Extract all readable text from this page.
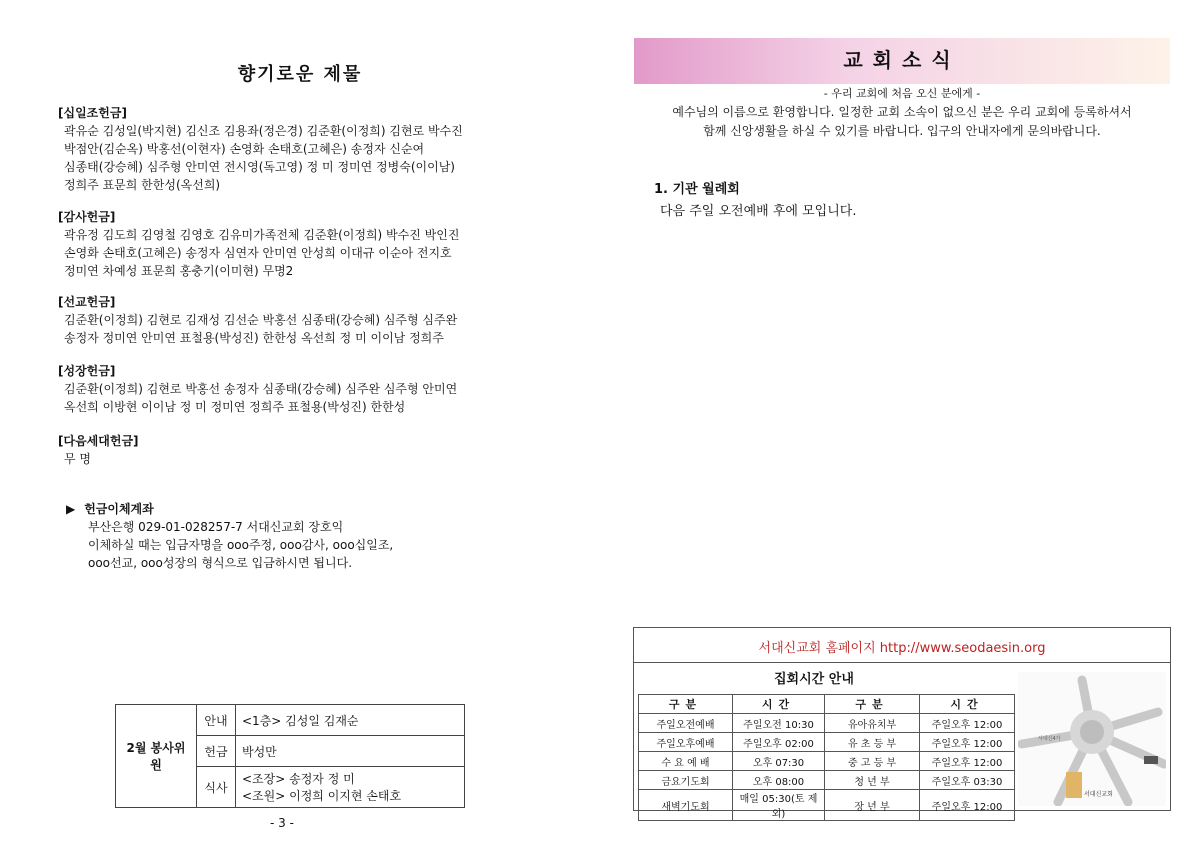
향기로운 제물
[십일조헌금]
곽유순 김성일(박지현) 김신조 김용좌(정은경) 김준환(이정희) 김현로 박수진
박점안(김순옥) 박홍선(이현자) 손영화 손태호(고혜은) 송정자 신순여
심종태(강승혜) 심주형 안미연 전시영(독고영) 정 미 정미연 정병숙(이이남)
정희주 표문희 한한성(옥선희)
[감사헌금]
곽유정 김도희 김영철 김영호 김유미가족전체 김준환(이정희) 박수진 박인진
손영화 손태호(고혜은) 송정자 심연자 안미연 안성희 이대규 이순아 전지호
정미연 차예성 표문희 홍충기(이미현) 무명2
[선교헌금]
김준환(이정희) 김현로 김재성 김선순 박홍선 심종태(강승혜) 심주형 심주완
송정자 정미연 안미연 표철용(박성진) 한한성 옥선희 정 미 이이남 정희주
[성장헌금]
김준환(이정희) 김현로 박홍선 송정자 심종태(강승혜) 심주완 심주형 안미연
옥선희 이방현 이이남 정 미 정미연 정희주 표철용(박성진) 한한성
[다음세대헌금]
무 명
▶ 헌금이체계좌
부산은행 029-01-028257-7 서대신교회 장호익
이체하실 때는 입금자명을 ooo주정, ooo감사, ooo십일조,
ooo선교, ooo성장의 형식으로 입금하시면 됩니다.
2월 봉사위원	안내	<1층> 김성일 김재순
	헌금	박성만
	식사	<조장> 송정자 정 미
<조원> 이정희 이지현 손태호
- 3 -
교회소식
- 우리 교회에 처음 오신 분에게 -
예수님의 이름으로 환영합니다. 일정한 교회 소속이 없으신 분은 우리 교회에 등록하셔서
함께 신앙생활을 하실 수 있기를 바랍니다. 입구의 안내자에게 문의바랍니다.
1. 기관 월례회
다음 주일 오전예배 후에 모입니다.
서대신교회 홈페이지 http://www.seodaesin.org
집회시간 안내
구분	시간	구분	시간
주일오전예배	주일오전 10:30	유아유치부	주일오후 12:00
주일오후예배	주일오후 02:00	유 초 등 부	주일오후 12:00
수 요 예 배	오후 07:30	중 고 등 부	주일오후 12:00
금요기도회	오후 08:00	청 년 부	주일오후 03:30
새벽기도회	매일 05:30(토 제외)	장 년 부	주일오후 12:00
서대신4가
서대신교회
